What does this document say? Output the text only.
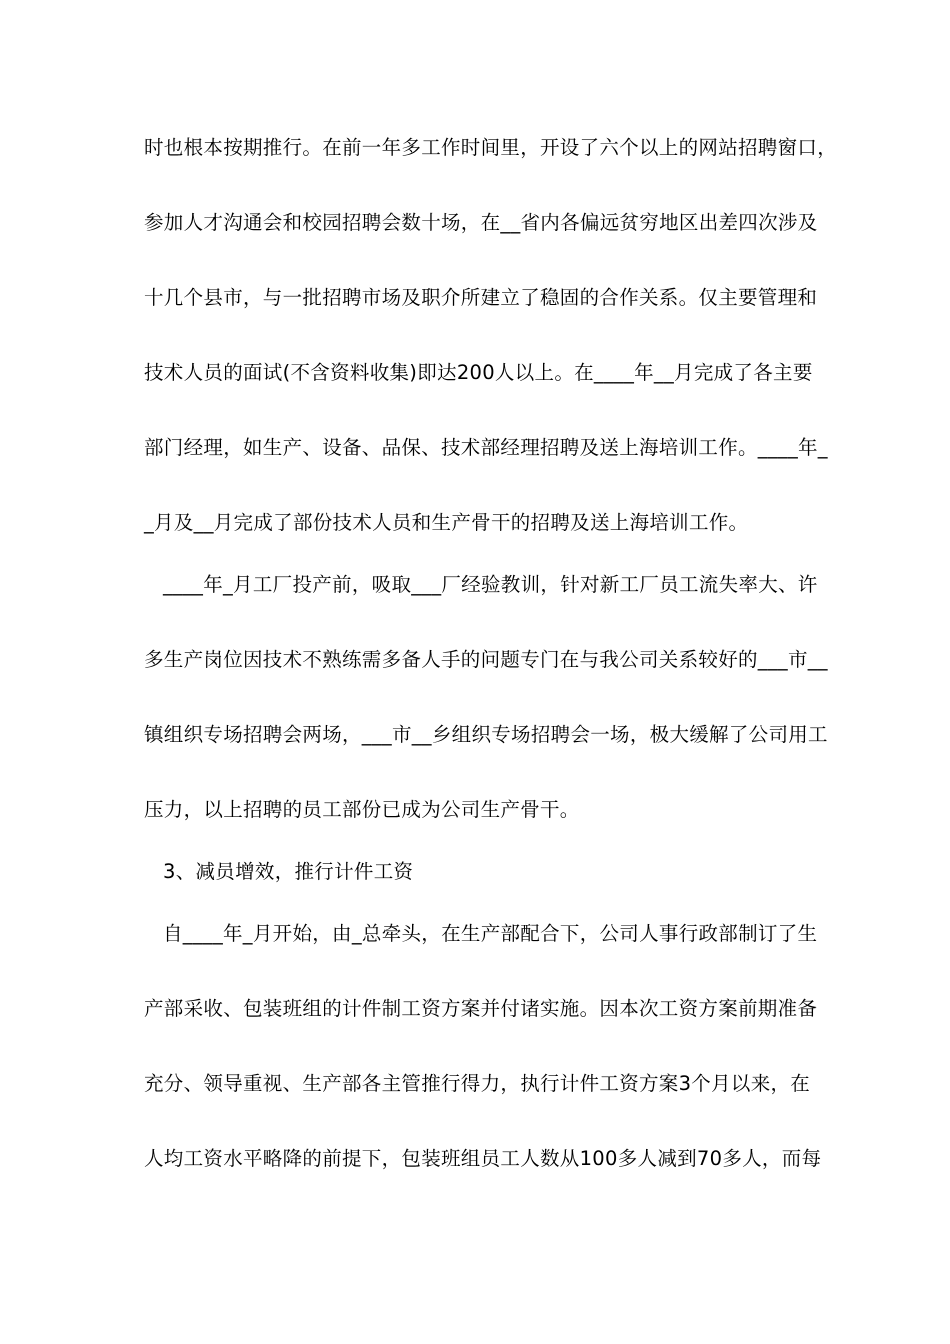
时也根本按期推行。在前一年多工作时间里，开设了六个以上的网站招聘窗口，
参加人才沟通会和校园招聘会数十场，在__省内各偏远贫穷地区出差四次涉及
十几个县市，与一批招聘市场及职介所建立了稳固的合作关系。仅主要管理和
技术人员的面试(不含资料收集)即达200人以上。在____年__月完成了各主要
部门经理，如生产、设备、品保、技术部经理招聘及送上海培训工作。____年_
_月及__月完成了部份技术人员和生产骨干的招聘及送上海培训工作。
____年_月工厂投产前，吸取___厂经验教训，针对新工厂员工流失率大、许
多生产岗位因技术不熟练需多备人手的问题专门在与我公司关系较好的___市__
镇组织专场招聘会两场，___市__乡组织专场招聘会一场，极大缓解了公司用工
压力，以上招聘的员工部份已成为公司生产骨干。
3、减员增效，推行计件工资
自____年_月开始，由_总牵头，在生产部配合下，公司人事行政部制订了生
产部采收、包装班组的计件制工资方案并付诸实施。因本次工资方案前期准备
充分、领导重视、生产部各主管推行得力，执行计件工资方案3个月以来，在
人均工资水平略降的前提下，包装班组员工人数从100多人减到70多人，而每
